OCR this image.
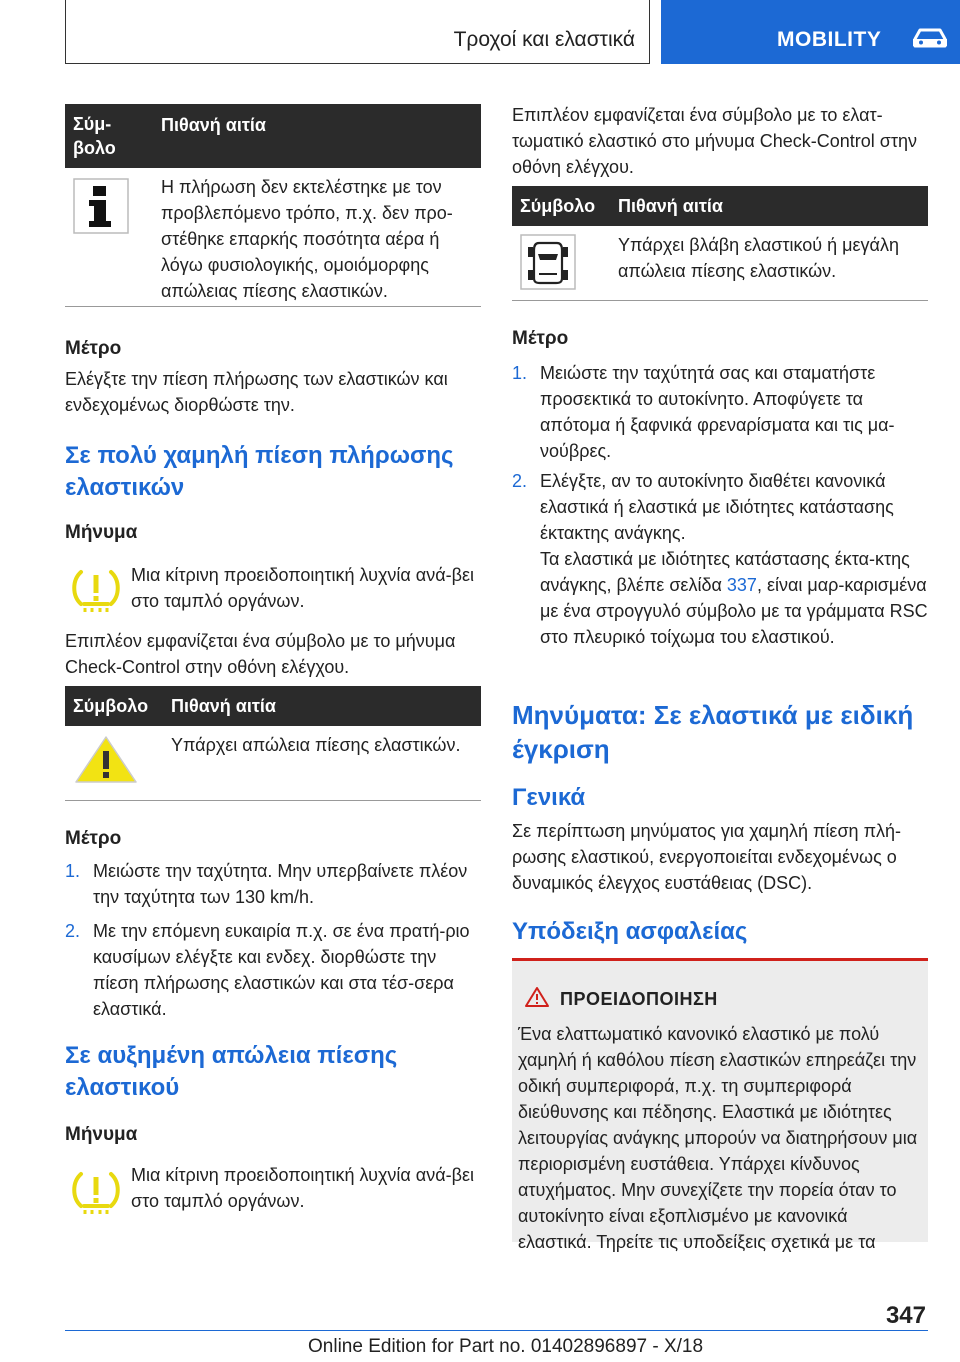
Τροχοί και ελαστικά	MOBILITY
Σύμ-
βολο
Πιθανή αιτία
Η πλήρωση δεν εκτελέστηκε με τον προβλεπόμενο τρόπο, π.χ. δεν προ-στέθηκε επαρκής ποσότητα αέρα ή λόγω φυσιολογικής, ομοιόμορφης απώλειας πίεσης ελαστικών.
Μέτρο
Ελέγξτε την πίεση πλήρωσης των ελαστικών και ενδεχομένως διορθώστε την.
Σε πολύ χαμηλή πίεση πλήρωσης ελαστικών
Μήνυμα
Μια κίτρινη προειδοποιητική λυχνία ανά-βει στο ταμπλό οργάνων.
Επιπλέον εμφανίζεται ένα σύμβολο με το μήνυμα Check-Control στην οθόνη ελέγχου.
Σύμβολο Πιθανή αιτία
Υπάρχει απώλεια πίεσης ελαστικών.
Μέτρο
1. Μειώστε την ταχύτητα. Μην υπερβαίνετε πλέον την ταχύτητα των 130 km/h.
2. Με την επόμενη ευκαιρία π.χ. σε ένα πρατή-ριο καυσίμων ελέγξτε και ενδεχ. διορθώστε την πίεση πλήρωσης ελαστικών και στα τέσ-σερα ελαστικά.
Σε αυξημένη απώλεια πίεσης ελαστικού
Μήνυμα
Μια κίτρινη προειδοποιητική λυχνία ανά-βει στο ταμπλό οργάνων.
Επιπλέον εμφανίζεται ένα σύμβολο με το ελατ-τωματικό ελαστικό στο μήνυμα Check-Control στην οθόνη ελέγχου.
Σύμβολο Πιθανή αιτία
Υπάρχει βλάβη ελαστικού ή μεγάλη απώλεια πίεσης ελαστικών.
Μέτρο
1. Μειώστε την ταχύτητά σας και σταματήστε προσεκτικά το αυτοκίνητο. Αποφύγετε τα απότομα ή ξαφνικά φρεναρίσματα και τις μα-νούβρες.
2. Ελέγξτε, αν το αυτοκίνητο διαθέτει κανονικά ελαστικά ή ελαστικά με ιδιότητες κατάστασης έκτακτης ανάγκης.
Τα ελαστικά με ιδιότητες κατάστασης έκτα-κτης ανάγκης, βλέπε σελίδα 337, είναι μαρ-καρισμένα με ένα στρογγυλό σύμβολο με τα γράμματα RSC στο πλευρικό τοίχωμα του ελαστικού.
Μηνύματα: Σε ελαστικά με ειδική έγκριση
Γενικά
Σε περίπτωση μηνύματος για χαμηλή πίεση πλή-ρωσης ελαστικού, ενεργοποιείται ενδεχομένως ο δυναμικός έλεγχος ευστάθειας (DSC).
Υπόδειξη ασφαλείας
ΠΡΟΕΙΔΟΠΟΙΗΣΗ
Ένα ελαττωματικό κανονικό ελαστικό με πολύ χαμηλή ή καθόλου πίεση ελαστικών επηρεάζει την οδική συμπεριφορά, π.χ. τη συμπεριφορά διεύθυνσης και πέδησης. Ελαστικά με ιδιότητες λειτουργίας ανάγκης μπορούν να διατηρήσουν μια περιορισμένη ευστάθεια. Υπάρχει κίνδυνος ατυχήματος. Μην συνεχίζετε την πορεία όταν το αυτοκίνητο είναι εξοπλισμένο με κανονικά ελαστικά. Τηρείτε τις υποδείξεις σχετικά με τα
347
Online Edition for Part no. 01402896897 - X/18
